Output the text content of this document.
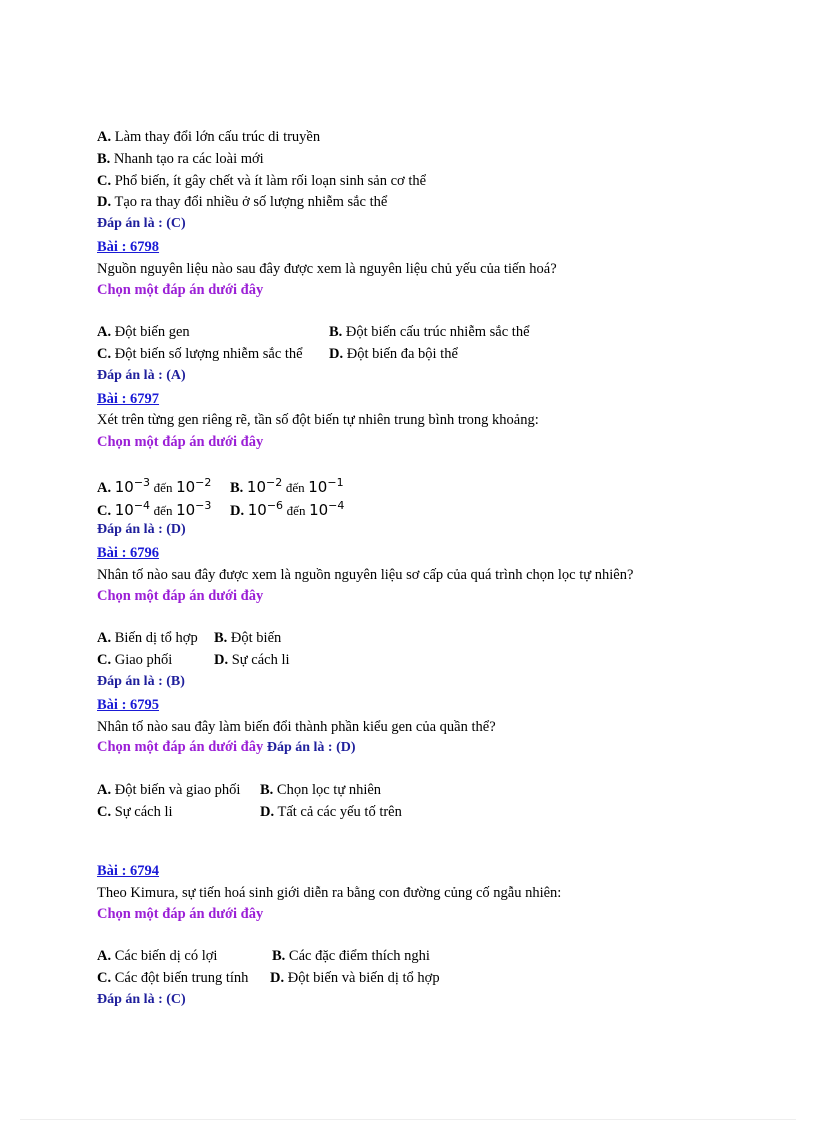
A. Làm thay đổi lớn cấu trúc di truyền
B. Nhanh tạo ra các loài mới
C. Phổ biến, ít gây chết và ít làm rối loạn sinh sản cơ thể
D. Tạo ra thay đổi nhiều ở số lượng nhiễm sắc thể
Đáp án là : (C)
Bài : 6798
Nguồn nguyên liệu nào sau đây được xem là nguyên liệu chủ yếu của tiến hoá?
Chọn một đáp án dưới đây
A. Đột biến gen	B. Đột biến cấu trúc nhiễm sắc thể
C. Đột biến số lượng nhiễm sắc thể D. Đột biến đa bội thể
Đáp án là : (A)
Bài : 6797
Xét trên từng gen riêng rẽ, tần số đột biến tự nhiên trung bình trong khoảng:
Chọn một đáp án dưới đây
A. $10^{-3}$ đến $10^{-2}$ B. $10^{-2}$ đến $10^{-1}$
C. $10^{-4}$ đến $10^{-3}$ D. $10^{-6}$ đến $10^{-4}$
Đáp án là : (D)
Bài : 6796
Nhân tố nào sau đây được xem là nguồn nguyên liệu sơ cấp của quá trình chọn lọc tự nhiên?
Chọn một đáp án dưới đây
A. Biến dị tổ hợp B. Đột biến
C. Giao phối	D. Sự cách li
Đáp án là : (B)
Bài : 6795
Nhân tố nào sau đây làm biến đổi thành phần kiểu gen của quần thể?
Chọn một đáp án dưới đây Đáp án là : (D)
A. Đột biến và giao phối B. Chọn lọc tự nhiên
C. Sự cách li	D. Tất cả các yếu tố trên
Bài : 6794
Theo Kimura, sự tiến hoá sinh giới diễn ra bằng con đường củng cố ngẫu nhiên:
Chọn một đáp án dưới đây
A. Các biến dị có lợi	B. Các đặc điểm thích nghi
C. Các đột biến trung tính D. Đột biến và biến dị tổ hợp
Đáp án là : (C)
